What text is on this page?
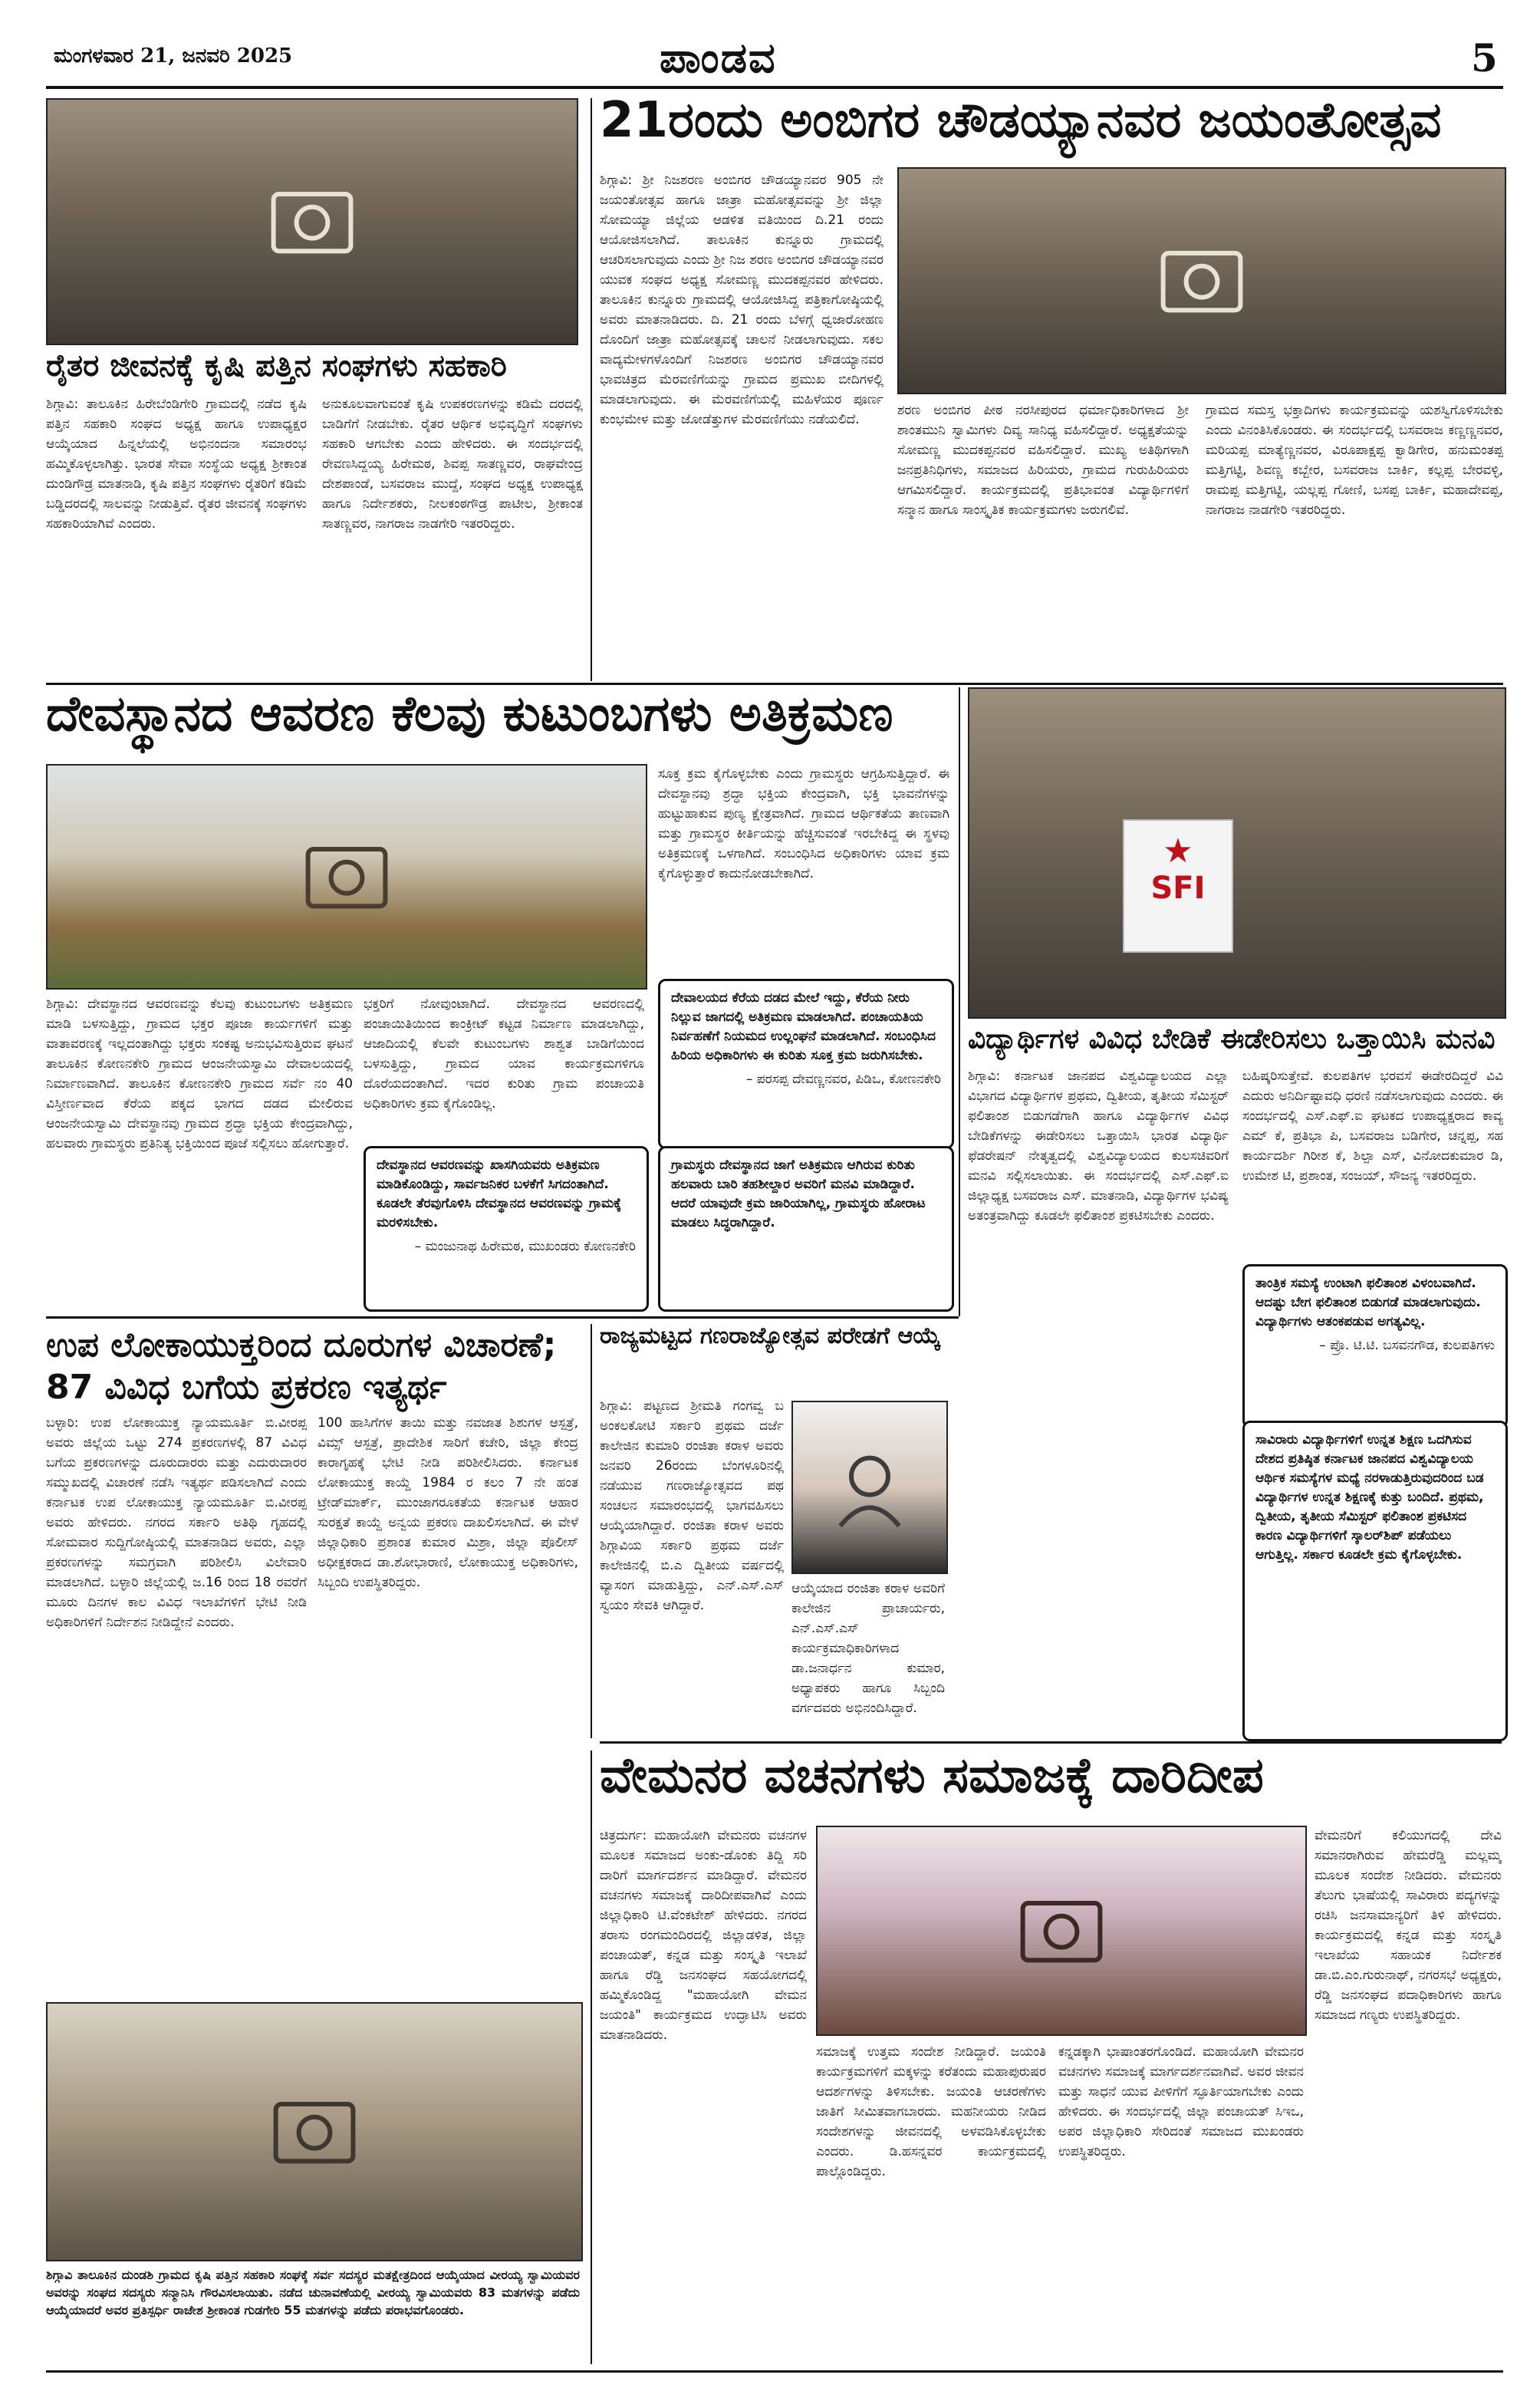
ಮಂಗಳವಾರ 21, ಜನವರಿ 2025	ಪಾಂಡವ	5
ರೈತರ ಜೀವನಕ್ಕೆ ಕೃಷಿ ಪತ್ತಿನ ಸಂಘಗಳು ಸಹಕಾರಿ
ಶಿಗ್ಗಾವಿ: ತಾಲೂಕಿನ ಹಿರೇಬೆಂಡಿಗೇರಿ ಗ್ರಾಮದಲ್ಲಿ ನಡೆದ ಕೃಷಿ ಪತ್ತಿನ ಸಹಕಾರಿ ಸಂಘದ ಅಧ್ಯಕ್ಷ ಹಾಗೂ ಉಪಾಧ್ಯಕ್ಷರ ಆಯ್ಕೆಯಾದ ಹಿನ್ನಲೆಯಲ್ಲಿ ಅಭಿನಂದನಾ ಸಮಾರಂಭ ಹಮ್ಮಿಕೊಳ್ಳಲಾಗಿತ್ತು. ಭಾರತ ಸೇವಾ ಸಂಸ್ಥೆಯ ಅಧ್ಯಕ್ಷ ಶ್ರೀಕಾಂತ ದುಂಡಿಗೌಡ್ರ ಮಾತನಾಡಿ, ಕೃಷಿ ಪತ್ತಿನ ಸಂಘಗಳು ರೈತರಿಗೆ ಕಡಿಮೆ ಬಡ್ಡಿದರದಲ್ಲಿ ಸಾಲವನ್ನು ನೀಡುತ್ತಿವೆ. ರೈತರ ಜೀವನಕ್ಕೆ ಸಂಘಗಳು ಸಹಕಾರಿಯಾಗಿವೆ ಎಂದರು.
ಅನುಕೂಲವಾಗುವಂತೆ ಕೃಷಿ ಉಪಕರಣಗಳನ್ನು ಕಡಿಮೆ ದರದಲ್ಲಿ ಬಾಡಿಗೆಗೆ ನೀಡಬೇಕು. ರೈತರ ಆರ್ಥಿಕ ಅಭಿವೃದ್ಧಿಗೆ ಸಂಘಗಳು ಸಹಕಾರಿ ಆಗಬೇಕು ಎಂದು ಹೇಳಿದರು. ಈ ಸಂದರ್ಭದಲ್ಲಿ ರೇವಣಸಿದ್ದಯ್ಯ ಹಿರೇಮಠ, ಶಿವಪ್ಪ ಸಾತಣ್ಣವರ, ರಾಘವೇಂದ್ರ ದೇಶಪಾಂಡೆ, ಬಸವರಾಜ ಮುದ್ದೆ, ಸಂಘದ ಅಧ್ಯಕ್ಷ ಉಪಾಧ್ಯಕ್ಷ ಹಾಗೂ ನಿರ್ದೇಶಕರು, ನೀಲಕಂಠಗೌಡ್ರ ಪಾಟೀಲ, ಶ್ರೀಕಾಂತ ಸಾತಣ್ಣವರ, ನಾಗರಾಜ ನಾಡಗೇರಿ ಇತರರಿದ್ದರು.
21ರಂದು ಅಂಬಿಗರ ಚೌಡಯ್ಯಾನವರ ಜಯಂತೋತ್ಸವ
ಶಿಗ್ಗಾವಿ: ಶ್ರೀ ನಿಜಶರಣ ಅಂಬಿಗರ ಚೌಡಯ್ಯಾನವರ 905 ನೇ ಜಯಂತೋತ್ಸವ ಹಾಗೂ ಜಾತ್ರಾ ಮಹೋತ್ಸವವನ್ನು ಶ್ರೀ ಜಿಲ್ಲಾ ಸೋಮಯ್ಯಾ ಜಿಲ್ಲೆಯ ಆಡಳಿತ ವತಿಯಿಂದ ದಿ.21 ರಂದು ಆಯೋಜಿಸಲಾಗಿದೆ. ತಾಲೂಕಿನ ಕುನ್ನೂರು ಗ್ರಾಮದಲ್ಲಿ ಆಚರಿಸಲಾಗುವುದು ಎಂದು ಶ್ರೀ ನಿಜ ಶರಣ ಅಂಬಿಗರ ಚೌಡಯ್ಯಾನವರ ಯುವಕ ಸಂಘದ ಅಧ್ಯಕ್ಷ ಸೋಮಣ್ಣ ಮುದಕಪ್ಪನವರ ಹೇಳಿದರು. ತಾಲೂಕಿನ ಕುನ್ನೂರು ಗ್ರಾಮದಲ್ಲಿ ಆಯೋಜಿಸಿದ್ದ ಪತ್ರಿಕಾಗೋಷ್ಠಿಯಲ್ಲಿ ಅವರು ಮಾತನಾಡಿದರು. ದಿ. 21 ರಂದು ಬೆಳಗ್ಗೆ ಧ್ವಜಾರೋಹಣ ದೊಂದಿಗೆ ಜಾತ್ರಾ ಮಹೋತ್ಸವಕ್ಕೆ ಚಾಲನೆ ನೀಡಲಾಗುವುದು. ಸಕಲ ವಾದ್ಯಮೇಳಗಳೊಂದಿಗೆ ನಿಜಶರಣ ಅಂಬಿಗರ ಚೌಡಯ್ಯಾನವರ ಭಾವಚಿತ್ರದ ಮೆರವಣಿಗೆಯನ್ನು ಗ್ರಾಮದ ಪ್ರಮುಖ ಬೀದಿಗಳಲ್ಲಿ ಮಾಡಲಾಗುವುದು. ಈ ಮೆರವಣಿಗೆಯಲ್ಲಿ ಮಹಿಳೆಯರ ಪೂರ್ಣ ಕುಂಭಮೇಳ ಮತ್ತು ಜೋಡೆತ್ತುಗಳ ಮೆರವಣಿಗೆಯು ನಡೆಯಲಿದೆ.
ಶರಣ ಅಂಬಿಗರ ಪೀಠ ನರಸೀಪುರದ ಧರ್ಮಾಧಿಕಾರಿಗಳಾದ ಶ್ರೀ ಶಾಂತಮುನಿ ಸ್ವಾಮಿಗಳು ದಿವ್ಯ ಸಾನಿಧ್ಯ ವಹಿಸಲಿದ್ದಾರೆ. ಅಧ್ಯಕ್ಷತೆಯನ್ನು ಸೋಮಣ್ಣ ಮುದಕಪ್ಪನವರ ವಹಿಸಲಿದ್ದಾರೆ. ಮುಖ್ಯ ಅತಿಥಿಗಳಾಗಿ ಜನಪ್ರತಿನಿಧಿಗಳು, ಸಮಾಜದ ಹಿರಿಯರು, ಗ್ರಾಮದ ಗುರುಹಿರಿಯರು ಆಗಮಿಸಲಿದ್ದಾರೆ. ಕಾರ್ಯಕ್ರಮದಲ್ಲಿ ಪ್ರತಿಭಾವಂತ ವಿದ್ಯಾರ್ಥಿಗಳಿಗೆ ಸನ್ಮಾನ ಹಾಗೂ ಸಾಂಸ್ಕೃತಿಕ ಕಾರ್ಯಕ್ರಮಗಳು ಜರುಗಲಿವೆ.
ಗ್ರಾಮದ ಸಮಸ್ತ ಭಕ್ತಾದಿಗಳು ಕಾರ್ಯಕ್ರಮವನ್ನು ಯಶಸ್ವಿಗೊಳಿಸಬೇಕು ಎಂದು ವಿನಂತಿಸಿಕೊಂಡರು. ಈ ಸಂದರ್ಭದಲ್ಲಿ ಬಸವರಾಜ ಕಣ್ಣಣ್ಣನವರ, ಮರಿಯಪ್ಪ ಮಾತ್ಯೆಣ್ಣನವರ, ವಿರೂಪಾಕ್ಷಪ್ಪ ಕ್ವಾಡಿಗೇರ, ಹನುಮಂತಪ್ಪ ಮತ್ತಿಗಟ್ಟಿ, ಶಿವಣ್ಣ ಕಬ್ಬೇರ, ಬಸವರಾಜ ಬಾರ್ಕಿ, ಕಲ್ಲಪ್ಪ ಬೇರವಳ್ಳಿ, ರಾಮಪ್ಪ ಮತ್ತಿಗಟ್ಟಿ, ಯಲ್ಲಪ್ಪ ಗೋಣಿ, ಬಸಪ್ಪ ಬಾರ್ಕಿ, ಮಹಾದೇವಪ್ಪ, ನಾಗರಾಜ ನಾಡಗೇರಿ ಇತರರಿದ್ದರು.
ದೇವಸ್ಥಾನದ ಆವರಣ ಕೆಲವು ಕುಟುಂಬಗಳು ಅತಿಕ್ರಮಣ
ಸೂಕ್ತ ಕ್ರಮ ಕೈಗೊಳ್ಳಬೇಕು ಎಂದು ಗ್ರಾಮಸ್ಥರು ಆಗ್ರಹಿಸುತ್ತಿದ್ದಾರೆ. ಈ ದೇವಸ್ಥಾನವು ಶ್ರದ್ಧಾ ಭಕ್ತಿಯ ಕೇಂದ್ರವಾಗಿ, ಭಕ್ತಿ ಭಾವನೆಗಳನ್ನು ಹುಟ್ಟುಹಾಕುವ ಪುಣ್ಯ ಕ್ಷೇತ್ರವಾಗಿದೆ. ಗ್ರಾಮದ ಆರ್ಥಿಕತೆಯ ತಾಣವಾಗಿ ಮತ್ತು ಗ್ರಾಮಸ್ಥರ ಕೀರ್ತಿಯನ್ನು ಹೆಚ್ಚಿಸುವಂತೆ ಇರಬೇಕಿದ್ದ ಈ ಸ್ಥಳವು ಅತಿಕ್ರಮಣಕ್ಕೆ ಒಳಗಾಗಿದೆ. ಸಂಬಂಧಿಸಿದ ಅಧಿಕಾರಿಗಳು ಯಾವ ಕ್ರಮ ಕೈಗೊಳ್ಳುತ್ತಾರೆ ಕಾದುನೋಡಬೇಕಾಗಿದೆ.
ಶಿಗ್ಗಾವಿ: ದೇವಸ್ಥಾನದ ಆವರಣವನ್ನು ಕೆಲವು ಕುಟುಂಬಗಳು ಅತಿಕ್ರಮಣ ಮಾಡಿ ಬಳಸುತ್ತಿದ್ದು, ಗ್ರಾಮದ ಭಕ್ತರ ಪೂಜಾ ಕಾರ್ಯಗಳಿಗೆ ಮತ್ತು ವಾತಾವರಣಕ್ಕೆ ಇಲ್ಲದಂತಾಗಿದ್ದು ಭಕ್ತರು ಸಂಕಷ್ಟ ಅನುಭವಿಸುತ್ತಿರುವ ಘಟನೆ ತಾಲೂಕಿನ ಕೋಣನಕೇರಿ ಗ್ರಾಮದ ಆಂಜನೇಯಸ್ವಾಮಿ ದೇವಾಲಯದಲ್ಲಿ ನಿರ್ಮಾಣವಾಗಿದೆ. ತಾಲೂಕಿನ ಕೋಣನಕೇರಿ ಗ್ರಾಮದ ಸರ್ವೆ ನಂ 40 ವಿಸ್ತೀರ್ಣವಾದ ಕೆರೆಯ ಪಕ್ಕದ ಭಾಗದ ದಡದ ಮೇಲಿರುವ ಆಂಜನೇಯಸ್ವಾಮಿ ದೇವಸ್ಥಾನವು ಗ್ರಾಮದ ಶ್ರದ್ಧಾ ಭಕ್ತಿಯ ಕೇಂದ್ರವಾಗಿದ್ದು, ಹಲವಾರು ಗ್ರಾಮಸ್ಥರು ಪ್ರತಿನಿತ್ಯ ಭಕ್ತಿಯಿಂದ ಪೂಜೆ ಸಲ್ಲಿಸಲು ಹೋಗುತ್ತಾರೆ.
ಭಕ್ತರಿಗೆ ನೋವುಂಟಾಗಿದೆ. ದೇವಸ್ಥಾನದ ಆವರಣದಲ್ಲಿ ಪಂಚಾಯಿತಿಯಿಂದ ಕಾಂಕ್ರೀಟ್ ಕಟ್ಟಡ ನಿರ್ಮಾಣ ಮಾಡಲಾಗಿದ್ದು, ಆಜಾದಿಯಲ್ಲಿ ಕೆಲವೇ ಕುಟುಂಬಗಳು ಶಾಶ್ವತ ಬಾಡಿಗೆಯಿಂದ ಬಳಸುತ್ತಿದ್ದು, ಗ್ರಾಮದ ಯಾವ ಕಾರ್ಯಕ್ರಮಗಳಿಗೂ ದೊರೆಯದಂತಾಗಿದೆ. ಇದರ ಕುರಿತು ಗ್ರಾಮ ಪಂಚಾಯತಿ ಅಧಿಕಾರಿಗಳು ಕ್ರಮ ಕೈಗೊಂಡಿಲ್ಲ.
ದೇವಾಲಯದ ಕೆರೆಯ ದಡದ ಮೇಲೆ ಇದ್ದು, ಕೆರೆಯ ನೀರು ನಿಲ್ಲುವ ಜಾಗದಲ್ಲಿ ಅತಿಕ್ರಮಣ ಮಾಡಲಾಗಿದೆ. ಪಂಚಾಯತಿಯ ನಿರ್ವಹಣೆಗೆ ನಿಯಮದ ಉಲ್ಲಂಘನೆ ಮಾಡಲಾಗಿದೆ. ಸಂಬಂಧಿಸಿದ ಹಿರಿಯ ಅಧಿಕಾರಿಗಳು ಈ ಕುರಿತು ಸೂಕ್ತ ಕ್ರಮ ಜರುಗಿಸಬೇಕು.
– ಪರಸಪ್ಪ ದೇವಣ್ಣನವರ, ಪಿಡಿಒ, ಕೋಣನಕೇರಿ
ದೇವಸ್ಥಾನದ ಆವರಣವನ್ನು ಖಾಸಗಿಯವರು ಅತಿಕ್ರಮಣ ಮಾಡಿಕೊಂಡಿದ್ದು, ಸಾರ್ವಜನಿಕರ ಬಳಕೆಗೆ ಸಿಗದಂತಾಗಿದೆ. ಕೂಡಲೇ ತೆರವುಗೊಳಿಸಿ ದೇವಸ್ಥಾನದ ಆವರಣವನ್ನು ಗ್ರಾಮಕ್ಕೆ ಮರಳಿಸಬೇಕು.
– ಮಂಜುನಾಥ ಹಿರೇಮಠ, ಮುಖಂಡರು ಕೋಣನಕೇರಿ
ಗ್ರಾಮಸ್ಥರು ದೇವಸ್ಥಾನದ ಜಾಗೆ ಅತಿಕ್ರಮಣ ಆಗಿರುವ ಕುರಿತು ಹಲವಾರು ಬಾರಿ ತಹಶೀಲ್ದಾರ ಅವರಿಗೆ ಮನವಿ ಮಾಡಿದ್ದಾರೆ. ಆದರೆ ಯಾವುದೇ ಕ್ರಮ ಜಾರಿಯಾಗಿಲ್ಲ, ಗ್ರಾಮಸ್ಥರು ಹೋರಾಟ ಮಾಡಲು ಸಿದ್ಧರಾಗಿದ್ದಾರೆ.
★
SFI
ವಿದ್ಯಾರ್ಥಿಗಳ ವಿವಿಧ ಬೇಡಿಕೆ ಈಡೇರಿಸಲು ಒತ್ತಾಯಿಸಿ ಮನವಿ
ಶಿಗ್ಗಾವಿ: ಕರ್ನಾಟಕ ಜಾನಪದ ವಿಶ್ವವಿದ್ಯಾಲಯದ ಎಲ್ಲಾ ವಿಭಾಗದ ವಿದ್ಯಾರ್ಥಿಗಳ ಪ್ರಥಮ, ದ್ವಿತೀಯ, ತೃತೀಯ ಸೆಮಿಸ್ಟರ್ ಫಲಿತಾಂಶ ಬಿಡುಗಡೆಗಾಗಿ ಹಾಗೂ ವಿದ್ಯಾರ್ಥಿಗಳ ವಿವಿಧ ಬೇಡಿಕೆಗಳನ್ನು ಈಡೇರಿಸಲು ಒತ್ತಾಯಿಸಿ ಭಾರತ ವಿದ್ಯಾರ್ಥಿ ಫೆಡರೇಷನ್ ನೇತೃತ್ವದಲ್ಲಿ ವಿಶ್ವವಿದ್ಯಾಲಯದ ಕುಲಸಚಿವರಿಗೆ ಮನವಿ ಸಲ್ಲಿಸಲಾಯಿತು. ಈ ಸಂದರ್ಭದಲ್ಲಿ ಎಸ್.ಎಫ್.ಐ ಜಿಲ್ಲಾಧ್ಯಕ್ಷ ಬಸವರಾಜ ಎಸ್. ಮಾತನಾಡಿ, ವಿದ್ಯಾರ್ಥಿಗಳ ಭವಿಷ್ಯ ಅತಂತ್ರವಾಗಿದ್ದು ಕೂಡಲೇ ಫಲಿತಾಂಶ ಪ್ರಕಟಿಸಬೇಕು ಎಂದರು.
ಬಹಿಷ್ಕರಿಸುತ್ತೇವೆ. ಕುಲಪತಿಗಳ ಭರವಸೆ ಈಡೇರದಿದ್ದರೆ ವಿವಿ ಎದುರು ಅನಿರ್ದಿಷ್ಟಾವಧಿ ಧರಣಿ ನಡೆಸಲಾಗುವುದು ಎಂದರು. ಈ ಸಂದರ್ಭದಲ್ಲಿ ಎಸ್.ಎಫ್.ಐ ಘಟಕದ ಉಪಾಧ್ಯಕ್ಷರಾದ ಕಾವ್ಯ ಎಮ್ ಕೆ, ಪ್ರತಿಭಾ ಪಿ, ಬಸವರಾಜ ಬಡಿಗೇರ, ಚನ್ನಪ್ಪ, ಸಹ ಕಾರ್ಯದರ್ಶಿ ಗಿರೀಶ ಕೆ, ಶಿಲ್ಪಾ ಎಸ್, ವಿನೋದಕುಮಾರ ಡಿ, ಉಮೇಶ ಟಿ, ಪ್ರಶಾಂತ, ಸಂಜಯ್, ಸೌಜನ್ಯ ಇತರರಿದ್ದರು.
ತಾಂತ್ರಿಕ ಸಮಸ್ಯೆ ಉಂಟಾಗಿ ಫಲಿತಾಂಶ ವಿಳಂಬವಾಗಿದೆ. ಆದಷ್ಟು ಬೇಗ ಫಲಿತಾಂಶ ಬಿಡುಗಡೆ ಮಾಡಲಾಗುವುದು. ವಿದ್ಯಾರ್ಥಿಗಳು ಆತಂಕಪಡುವ ಅಗತ್ಯವಿಲ್ಲ.
– ಪ್ರೊ. ಟಿ.ಟಿ. ಬಸವನಗೌಡ, ಕುಲಪತಿಗಳು
ಸಾವಿರಾರು ವಿದ್ಯಾರ್ಥಿಗಳಿಗೆ ಉನ್ನತ ಶಿಕ್ಷಣ ಒದಗಿಸುವ ದೇಶದ ಪ್ರತಿಷ್ಠಿತ ಕರ್ನಾಟಕ ಜಾನಪದ ವಿಶ್ವವಿದ್ಯಾಲಯ ಆರ್ಥಿಕ ಸಮಸ್ಯೆಗಳ ಮಧ್ಯೆ ನರಳಾಡುತ್ತಿರುವುದರಿಂದ ಬಡ ವಿದ್ಯಾರ್ಥಿಗಳ ಉನ್ನತ ಶಿಕ್ಷಣಕ್ಕೆ ಕುತ್ತು ಬಂದಿದೆ. ಪ್ರಥಮ, ದ್ವಿತೀಯ, ತೃತೀಯ ಸೆಮಿಸ್ಟರ್ ಫಲಿತಾಂಶ ಪ್ರಕಟಿಸದ ಕಾರಣ ವಿದ್ಯಾರ್ಥಿಗಳಿಗೆ ಸ್ಕಾಲರ್‌ಶಿಪ್ ಪಡೆಯಲು ಆಗುತ್ತಿಲ್ಲ. ಸರ್ಕಾರ ಕೂಡಲೇ ಕ್ರಮ ಕೈಗೊಳ್ಳಬೇಕು.
ಉಪ ಲೋಕಾಯುಕ್ತರಿಂದ ದೂರುಗಳ ವಿಚಾರಣೆ; 87 ವಿವಿಧ ಬಗೆಯ ಪ್ರಕರಣ ಇತ್ಯರ್ಥ
ಬಳ್ಳಾರಿ: ಉಪ ಲೋಕಾಯುಕ್ತ ನ್ಯಾಯಮೂರ್ತಿ ಬಿ.ವೀರಪ್ಪ ಅವರು ಜಿಲ್ಲೆಯ ಒಟ್ಟು 274 ಪ್ರಕರಣಗಳಲ್ಲಿ 87 ವಿವಿಧ ಬಗೆಯ ಪ್ರಕರಣಗಳನ್ನು ದೂರುದಾರರು ಮತ್ತು ಎದುರುದಾರರ ಸಮ್ಮುಖದಲ್ಲಿ ವಿಚಾರಣೆ ನಡೆಸಿ ಇತ್ಯರ್ಥ ಪಡಿಸಲಾಗಿದೆ ಎಂದು ಕರ್ನಾಟಕ ಉಪ ಲೋಕಾಯುಕ್ತ ನ್ಯಾಯಮೂರ್ತಿ ಬಿ.ವೀರಪ್ಪ ಅವರು ಹೇಳಿದರು. ನಗರದ ಸರ್ಕಾರಿ ಅತಿಥಿ ಗೃಹದಲ್ಲಿ ಸೋಮವಾರ ಸುದ್ದಿಗೋಷ್ಠಿಯಲ್ಲಿ ಮಾತನಾಡಿದ ಅವರು, ಎಲ್ಲಾ ಪ್ರಕರಣಗಳನ್ನು ಸಮಗ್ರವಾಗಿ ಪರಿಶೀಲಿಸಿ ವಿಲೇವಾರಿ ಮಾಡಲಾಗಿದೆ. ಬಳ್ಳಾರಿ ಜಿಲ್ಲೆಯಲ್ಲಿ ಜ.16 ರಿಂದ 18 ರವರೆಗೆ ಮೂರು ದಿನಗಳ ಕಾಲ ವಿವಿಧ ಇಲಾಖೆಗಳಿಗೆ ಭೇಟಿ ನೀಡಿ ಅಧಿಕಾರಿಗಳಿಗೆ ನಿರ್ದೇಶನ ನೀಡಿದ್ದೇನೆ ಎಂದರು.
100 ಹಾಸಿಗೆಗಳ ತಾಯಿ ಮತ್ತು ನವಜಾತ ಶಿಶುಗಳ ಆಸ್ಪತ್ರೆ, ವಿಮ್ಸ್ ಆಸ್ಪತ್ರೆ, ಪ್ರಾದೇಶಿಕ ಸಾರಿಗೆ ಕಚೇರಿ, ಜಿಲ್ಲಾ ಕೇಂದ್ರ ಕಾರಾಗೃಹಕ್ಕೆ ಭೇಟಿ ನೀಡಿ ಪರಿಶೀಲಿಸಿದರು. ಕರ್ನಾಟಕ ಲೋಕಾಯುಕ್ತ ಕಾಯ್ದೆ 1984 ರ ಕಲಂ 7 ನೇ ಹಂತ ಟ್ರೇಡ್‌ಮಾರ್ಕ್‌, ಮುಂಜಾಗರೂಕತೆಯ ಕರ್ನಾಟಕ ಆಹಾರ ಸುರಕ್ಷತೆ ಕಾಯ್ದೆ ಅನ್ವಯ ಪ್ರಕರಣ ದಾಖಲಿಸಲಾಗಿದೆ. ಈ ವೇಳೆ ಜಿಲ್ಲಾಧಿಕಾರಿ ಪ್ರಶಾಂತ ಕುಮಾರ ಮಿಶ್ರಾ, ಜಿಲ್ಲಾ ಪೊಲೀಸ್ ಅಧೀಕ್ಷಕರಾದ ಡಾ.ಶೋಭಾರಾಣಿ, ಲೋಕಾಯುಕ್ತ ಅಧಿಕಾರಿಗಳು, ಸಿಬ್ಬಂದಿ ಉಪಸ್ಥಿತರಿದ್ದರು.
ರಾಜ್ಯಮಟ್ಟದ ಗಣರಾಜ್ಯೋತ್ಸವ ಪರೇಡಗೆ ಆಯ್ಕೆ
ಶಿಗ್ಗಾವಿ: ಪಟ್ಟಣದ ಶ್ರೀಮತಿ ಗಂಗವ್ವ ಬ ಅಂಕಲಕೋಟಿ ಸರ್ಕಾರಿ ಪ್ರಥಮ ದರ್ಜೆ ಕಾಲೇಜಿನ ಕುಮಾರಿ ರಂಜಿತಾ ಕರಾಳ ಅವರು ಜನವರಿ 26ರಂದು ಬೆಂಗಳೂರಿನಲ್ಲಿ ನಡೆಯುವ ಗಣರಾಜ್ಯೋತ್ಸವದ ಪಥ ಸಂಚಲನ ಸಮಾರಂಭದಲ್ಲಿ ಭಾಗವಹಿಸಲು ಆಯ್ಕೆಯಾಗಿದ್ದಾರೆ. ರಂಜಿತಾ ಕರಾಳ ಅವರು ಶಿಗ್ಗಾವಿಯ ಸರ್ಕಾರಿ ಪ್ರಥಮ ದರ್ಜೆ ಕಾಲೇಜಿನಲ್ಲಿ ಬಿ.ಎ ದ್ವಿತೀಯ ವರ್ಷದಲ್ಲಿ ವ್ಯಾಸಂಗ ಮಾಡುತ್ತಿದ್ದು, ಎನ್.ಎಸ್.ಎಸ್ ಸ್ವಯಂ ಸೇವಕಿ ಆಗಿದ್ದಾರೆ.
ಆಯ್ಕೆಯಾದ ರಂಜಿತಾ ಕರಾಳ ಅವರಿಗೆ ಕಾಲೇಜಿನ ಪ್ರಾಚಾರ್ಯರು, ಎನ್.ಎಸ್.ಎಸ್ ಕಾರ್ಯಕ್ರಮಾಧಿಕಾರಿಗಳಾದ ಡಾ.ಜನಾರ್ಧನ ಕುಮಾರ, ಅಧ್ಯಾಪಕರು ಹಾಗೂ ಸಿಬ್ಬಂದಿ ವರ್ಗದವರು ಅಭಿನಂದಿಸಿದ್ದಾರೆ.
ವೇಮನರ ವಚನಗಳು ಸಮಾಜಕ್ಕೆ ದಾರಿದೀಪ
ಚಿತ್ರದುರ್ಗ: ಮಹಾಯೋಗಿ ವೇಮನರು ವಚನಗಳ ಮೂಲಕ ಸಮಾಜದ ಅಂಕು-ಡೊಂಕು ತಿದ್ದಿ ಸರಿ ದಾರಿಗೆ ಮಾರ್ಗದರ್ಶನ ಮಾಡಿದ್ದಾರೆ. ವೇಮನರ ವಚನಗಳು ಸಮಾಜಕ್ಕೆ ದಾರಿದೀಪವಾಗಿವೆ ಎಂದು ಜಿಲ್ಲಾಧಿಕಾರಿ ಟಿ.ವೆಂಕಟೇಶ್ ಹೇಳಿದರು. ನಗರದ ತರಾಸು ರಂಗಮಂದಿರದಲ್ಲಿ ಜಿಲ್ಲಾಡಳಿತ, ಜಿಲ್ಲಾ ಪಂಚಾಯತ್, ಕನ್ನಡ ಮತ್ತು ಸಂಸ್ಕೃತಿ ಇಲಾಖೆ ಹಾಗೂ ರೆಡ್ಡಿ ಜನಸಂಘದ ಸಹಯೋಗದಲ್ಲಿ ಹಮ್ಮಿಕೊಂಡಿದ್ದ "ಮಹಾಯೋಗಿ ವೇಮನ ಜಯಂತಿ" ಕಾರ್ಯಕ್ರಮದ ಉದ್ಘಾಟಿಸಿ ಅವರು ಮಾತನಾಡಿದರು.
ಸಮಾಜಕ್ಕೆ ಉತ್ತಮ ಸಂದೇಶ ನೀಡಿದ್ದಾರೆ. ಜಯಂತಿ ಕಾರ್ಯಕ್ರಮಗಳಿಗೆ ಮಕ್ಕಳನ್ನು ಕರೆತಂದು ಮಹಾಪುರುಷರ ಆದರ್ಶಗಳನ್ನು ತಿಳಿಸಬೇಕು. ಜಯಂತಿ ಆಚರಣೆಗಳು ಜಾತಿಗೆ ಸೀಮಿತವಾಗಬಾರದು. ಮಹನೀಯರು ನೀಡಿದ ಸಂದೇಶಗಳನ್ನು ಜೀವನದಲ್ಲಿ ಅಳವಡಿಸಿಕೊಳ್ಳಬೇಕು ಎಂದರು. ಡಿ.ಹಸನ್ನವರ ಕಾರ್ಯಕ್ರಮದಲ್ಲಿ ಪಾಲ್ಗೊಂಡಿದ್ದರು.
ಕನ್ನಡಕ್ಕಾಗಿ ಭಾಷಾಂತರಗೊಂಡಿದೆ. ಮಹಾಯೋಗಿ ವೇಮನರ ವಚನಗಳು ಸಮಾಜಕ್ಕೆ ಮಾರ್ಗದರ್ಶನವಾಗಿವೆ. ಅವರ ಜೀವನ ಮತ್ತು ಸಾಧನೆ ಯುವ ಪೀಳಿಗೆಗೆ ಸ್ಫೂರ್ತಿಯಾಗಬೇಕು ಎಂದು ಹೇಳಿದರು. ಈ ಸಂದರ್ಭದಲ್ಲಿ ಜಿಲ್ಲಾ ಪಂಚಾಯತ್ ಸಿಇಒ, ಅಪರ ಜಿಲ್ಲಾಧಿಕಾರಿ ಸೇರಿದಂತೆ ಸಮಾಜದ ಮುಖಂಡರು ಉಪಸ್ಥಿತರಿದ್ದರು.
ವೇಮನರಿಗೆ ಕಲಿಯುಗದಲ್ಲಿ ದೇವಿ ಸಮಾನರಾಗಿರುವ ಹೇಮರೆಡ್ಡಿ ಮಲ್ಲಮ್ಮ ಮೂಲಕ ಸಂದೇಶ ನೀಡಿದರು. ವೇಮನರು ತೆಲುಗು ಭಾಷೆಯಲ್ಲಿ ಸಾವಿರಾರು ಪದ್ಯಗಳನ್ನು ರಚಿಸಿ ಜನಸಾಮಾನ್ಯರಿಗೆ ತಿಳಿ ಹೇಳಿದರು. ಕಾರ್ಯಕ್ರಮದಲ್ಲಿ ಕನ್ನಡ ಮತ್ತು ಸಂಸ್ಕೃತಿ ಇಲಾಖೆಯ ಸಹಾಯಕ ನಿರ್ದೇಶಕ ಡಾ.ಬಿ.ಎಂ.ಗುರುನಾಥ್, ನಗರಸಭೆ ಅಧ್ಯಕ್ಷರು, ರೆಡ್ಡಿ ಜನಸಂಘದ ಪದಾಧಿಕಾರಿಗಳು ಹಾಗೂ ಸಮಾಜದ ಗಣ್ಯರು ಉಪಸ್ಥಿತರಿದ್ದರು.
ಶಿಗ್ಗಾವಿ ತಾಲೂಕಿನ ದುಂಡಶಿ ಗ್ರಾಮದ ಕೃಷಿ ಪತ್ತಿನ ಸಹಕಾರಿ ಸಂಘಕ್ಕೆ ಸರ್ವ ಸದಸ್ಯರ ಮತಕ್ಷೇತ್ರದಿಂದ ಆಯ್ಕೆಯಾದ ವೀರಯ್ಯ ಸ್ವಾಮಿಯವರ ಅವರನ್ನು ಸಂಘದ ಸದಸ್ಯರು ಸನ್ಮಾನಿಸಿ ಗೌರವಿಸಲಾಯಿತು. ನಡೆದ ಚುನಾವಣೆಯಲ್ಲಿ ವೀರಯ್ಯ ಸ್ವಾಮಿಯವರು 83 ಮತಗಳನ್ನು ಪಡೆದು ಆಯ್ಕೆಯಾದರೆ ಅವರ ಪ್ರತಿಸ್ಪರ್ಧಿ ರಾಜೇಶ ಶ್ರೀಕಾಂತ ಗುಡಗೇರಿ 55 ಮತಗಳನ್ನು ಪಡೆದು ಪರಾಭವಗೊಂಡರು.
